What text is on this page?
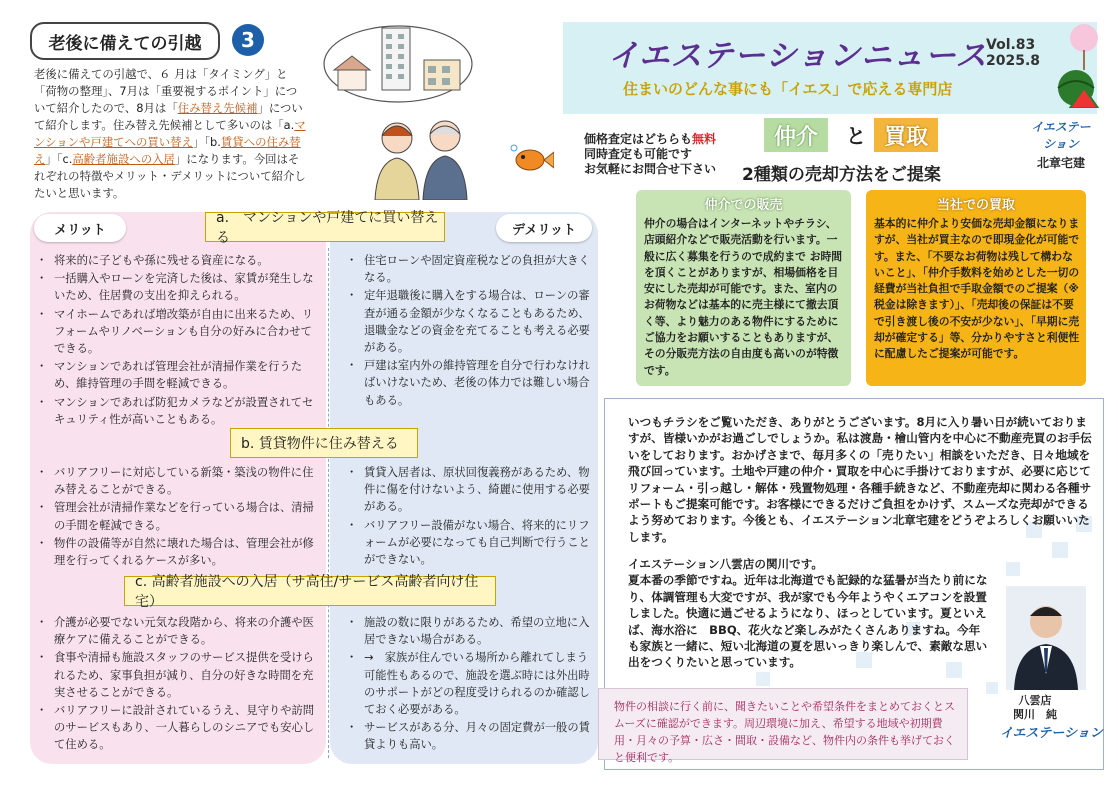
老後に備えての引越	3
老後に備えての引越で、６ 月は「タイミング」と「荷物の整理」、7月は「重要視するポイント」について紹介したので、8月は「住み替え先候補」について紹介します。住み替え先候補として多いのは「a.マンションや戸建てへの買い替え」「b.賃貸への住み替え」「c.高齢者施設への入居」になります。今回はそれぞれの特徴やメリット・デメリットについて紹介したいと思います。
メリット	デメリット
a.　マンションや戸建てに買い替える
・ 将来的に子どもや孫に残せる資産になる。
・ 一括購入やローンを完済した後は、家賃が発生しないため、住居費の支出を抑えられる。
・ マイホームであれば増改築が自由に出来るため、リフォームやリノベーションも自分の好みに合わせてできる。
・ マンションであれば管理会社が清掃作業を行うため、維持管理の手間を軽減できる。
・ マンションであれば防犯カメラなどが設置されてセキュリティ性が高いこともある。
・ 住宅ローンや固定資産税などの負担が大きくなる。
・ 定年退職後に購入をする場合は、ローンの審査が通る金額が少なくなることもあるため、退職金などの資金を充てることも考える必要がある。
・ 戸建は室内外の維持管理を自分で行わなければいけないため、老後の体力では難しい場合もある。
b. 賃貸物件に住み替える
・ バリアフリーに対応している新築・築浅の物件に住み替えることができる。
・ 管理会社が清掃作業などを行っている場合は、清掃の手間を軽減できる。
・ 物件の設備等が自然に壊れた場合は、管理会社が修理を行ってくれるケースが多い。
・ 賃貸入居者は、原状回復義務があるため、物件に傷を付けないよう、綺麗に使用する必要がある。
・ バリアフリー設備がない場合、将来的にリフォームが必要になっても自己判断で行うことができない。
c. 高齢者施設への入居（サ高住/サービス高齢者向け住宅）
・ 介護が必要でない元気な段階から、将来の介護や医療ケアに備えることができる。
・ 食事や清掃も施設スタッフのサービス提供を受けられるため、家事負担が減り、自分の好きな時間を充実させることができる。
・ バリアフリーに設計されているうえ、見守りや訪問のサービスもあり、一人暮らしのシニアでも安心して住める。
・ 施設の数に限りがあるため、希望の立地に入居できない場合がある。
・ →　家族が住んでいる場所から離れてしまう可能性もあるので、施設を選ぶ時には外出時のサポートがどの程度受けられるのか確認しておく必要がある。
・ サービスがある分、月々の固定費が一般の賃貸よりも高い。
イエステーションニュース
Vol.83
2025.8
住まいのどんな事にも「イエス」で応える専門店
価格査定はどちらも無料
同時査定も可能です
お気軽にお問合せ下さい
仲介	と 買取
2種類の売却方法をご提案
イエステーション
北章宅建
仲介での販売
仲介の場合はインターネットやチラシ、店頭紹介などで販売活動を行います。一般に広く募集を行うので成約まで お時間を頂くことがありますが、相場価格を目安にした売却が可能です。また、室内のお荷物などは基本的に売主様にて撤去頂く等、より魅力のある物件にするためにご協力をお願いすることもありますが、その分販売方法の自由度も高いのが特徴です。
当社での買取
基本的に仲介より安価な売却金額になりますが、当社が買主なので即現金化が可能です。また、「不要なお荷物は残して構わないこと」、「仲介手数料を始めとした一切の経費が当社負担で手取金額でのご提案（※税金は除きます）」、「売却後の保証は不要で引き渡し後の不安が少ない」、「早期に売却が確定する」等、分かりやすさと利便性に配慮したご提案が可能です。
いつもチラシをご覧いただき、ありがとうございます。8月に入り暑い日が続いておりますが、皆様いかがお過ごしでしょうか。私は渡島・檜山管内を中心に不動産売買のお手伝いをしております。おかげさまで、毎月多くの「売りたい」相談をいただき、日々地域を飛び回っています。土地や戸建の仲介・買取を中心に手掛けておりますが、必要に応じてリフォーム・引っ越し・解体・残置物処理・各種手続きなど、不動産売却に関わる各種サポートもご提案可能です。お客様にできるだけご負担をかけず、スムーズな売却ができるよう努めております。今後とも、イエステーション北章宅建をどうぞよろしくお願いいたします。
イエステーション八雲店の関川です。
夏本番の季節ですね。近年は北海道でも記録的な猛暑が当たり前になり、体調管理も大変ですが、我が家でも今年ようやくエアコンを設置しました。快適に過ごせるようになり、ほっとしています。夏といえば、海水浴に　BBQ、花火など楽しみがたくさんありますね。今年も家族と一緒に、短い北海道の夏を思いっきり楽しんで、素敵な思い出をつくりたいと思っています。
八雲店
関川　純
イエステーション
物件の相談に行く前に、聞きたいことや希望条件をまとめておくとスムーズに確認ができます。周辺環境に加え、希望する地域や初期費用・月々の予算・広さ・間取・設備など、物件内の条件も挙げておくと便利です。
